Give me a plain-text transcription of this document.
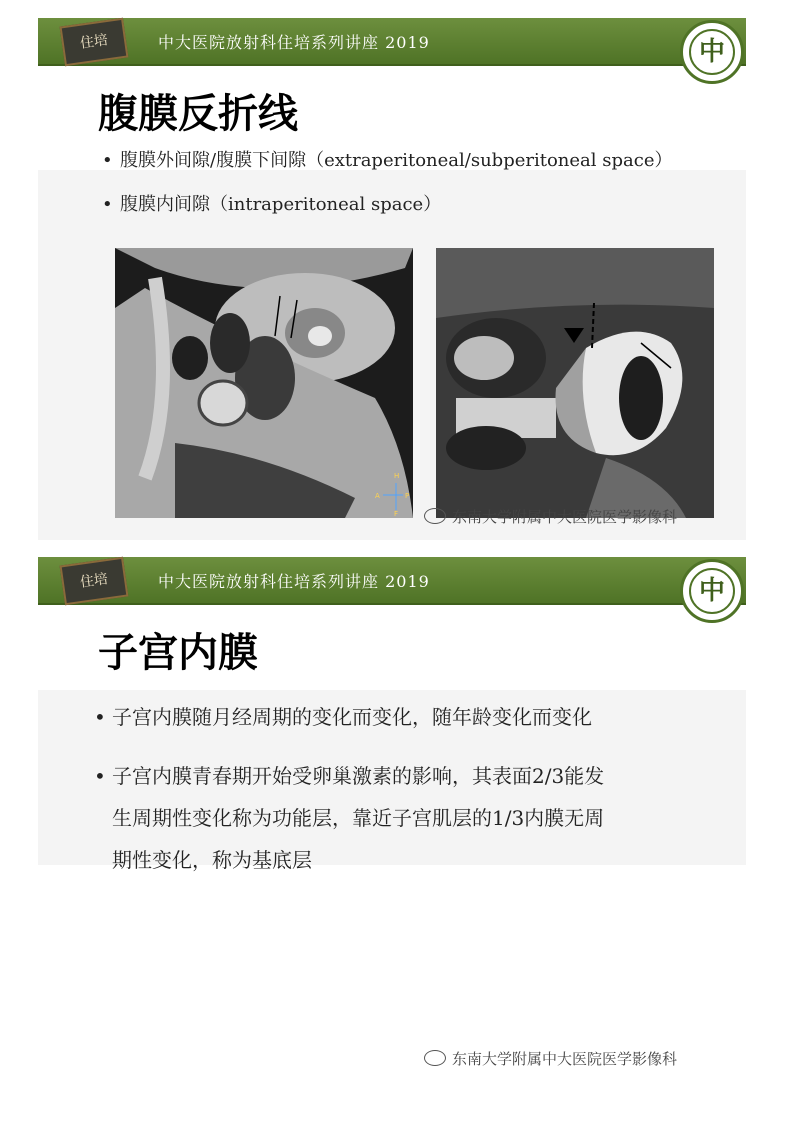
住培	中大医院放射科住培系列讲座 2019	中
腹膜反折线
• 腹膜外间隙/腹膜下间隙（extraperitoneal/subperitoneal space）
• 腹膜内间隙（intraperitoneal space）
H
A	P
F	东南大学附属中大医院医学影像科
住培	中大医院放射科住培系列讲座 2019	中
子宫内膜
• 子宫内膜随月经周期的变化而变化，随年龄变化而变化
• 子宫内膜青春期开始受卵巢激素的影响，其表面2/3能发
生周期性变化称为功能层，靠近子宫肌层的1/3内膜无周
期性变化，称为基底层
东南大学附属中大医院医学影像科
